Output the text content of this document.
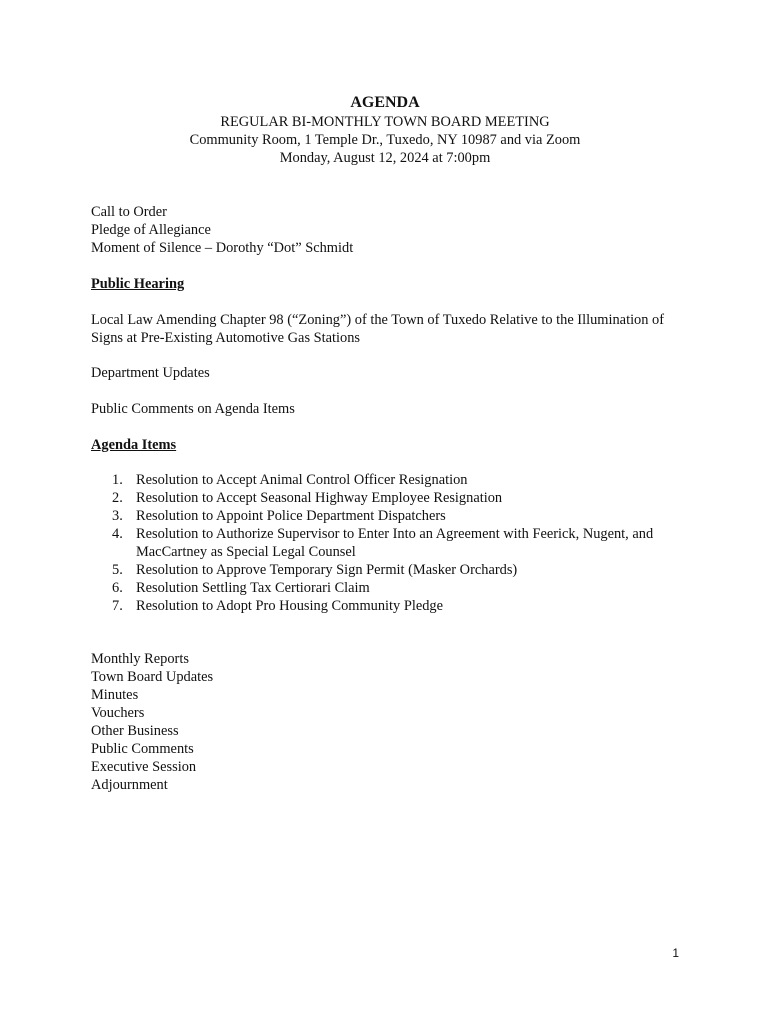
AGENDA

REGULAR BI-MONTHLY TOWN BOARD MEETING

Community Room, 1 Temple Dr., Tuxedo, NY 10987 and via Zoom

Monday, August 12, 2024 at 7:00pm

Call to Order

Pledge of Allegiance

Moment of Silence – Dorothy “Dot” Schmidt

Public Hearing

Local Law Amending Chapter 98 (“Zoning”) of the Town of Tuxedo Relative to the Illumination of Signs at Pre-Existing Automotive Gas Stations

Department Updates

Public Comments on Agenda Items

Agenda Items

1. Resolution to Accept Animal Control Officer Resignation
2. Resolution to Accept Seasonal Highway Employee Resignation
3. Resolution to Appoint Police Department Dispatchers
4. Resolution to Authorize Supervisor to Enter Into an Agreement with Feerick, Nugent, and MacCartney as Special Legal Counsel
5. Resolution to Approve Temporary Sign Permit (Masker Orchards)
6. Resolution Settling Tax Certiorari Claim
7. Resolution to Adopt Pro Housing Community Pledge

Monthly Reports

Town Board Updates

Minutes

Vouchers

Other Business

Public Comments

Executive Session

Adjournment

1
